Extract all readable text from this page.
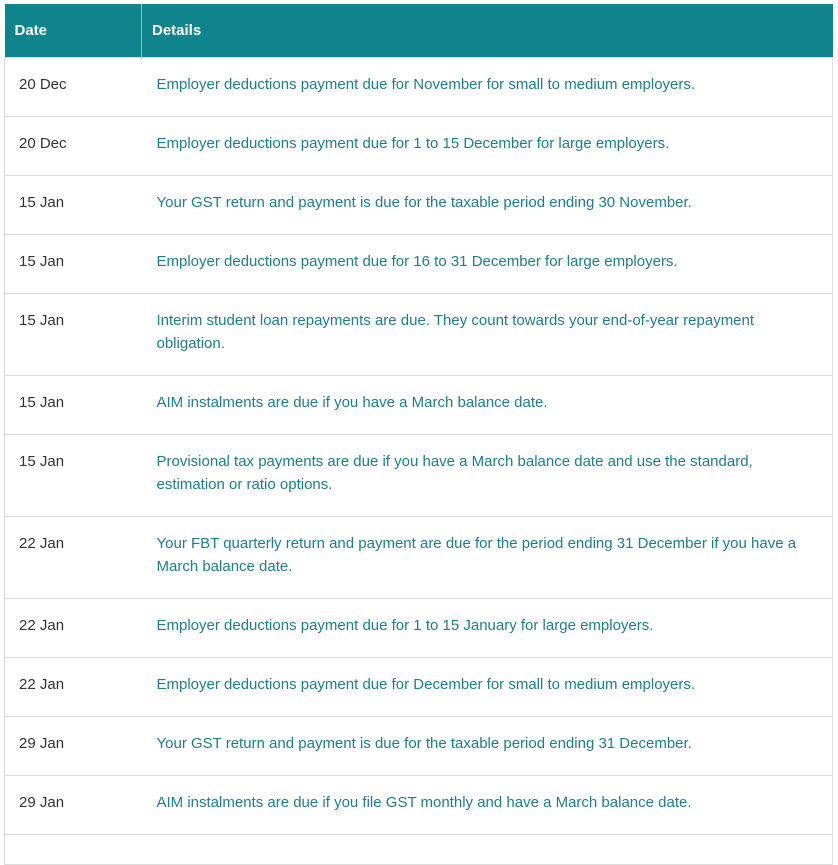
Date	Details
20 Dec	Employer deductions payment due for November for small to medium employers.
20 Dec	Employer deductions payment due for 1 to 15 December for large employers.
15 Jan	Your GST return and payment is due for the taxable period ending 30 November.
15 Jan	Employer deductions payment due for 16 to 31 December for large employers.
15 Jan	Interim student loan repayments are due. They count towards your end-of-year repayment obligation.
15 Jan	AIM instalments are due if you have a March balance date.
15 Jan	Provisional tax payments are due if you have a March balance date and use the standard, estimation or ratio options.
22 Jan	Your FBT quarterly return and payment are due for the period ending 31 December if you have a March balance date.
22 Jan	Employer deductions payment due for 1 to 15 January for large employers.
22 Jan	Employer deductions payment due for December for small to medium employers.
29 Jan	Your GST return and payment is due for the taxable period ending 31 December.
29 Jan	AIM instalments are due if you file GST monthly and have a March balance date.
